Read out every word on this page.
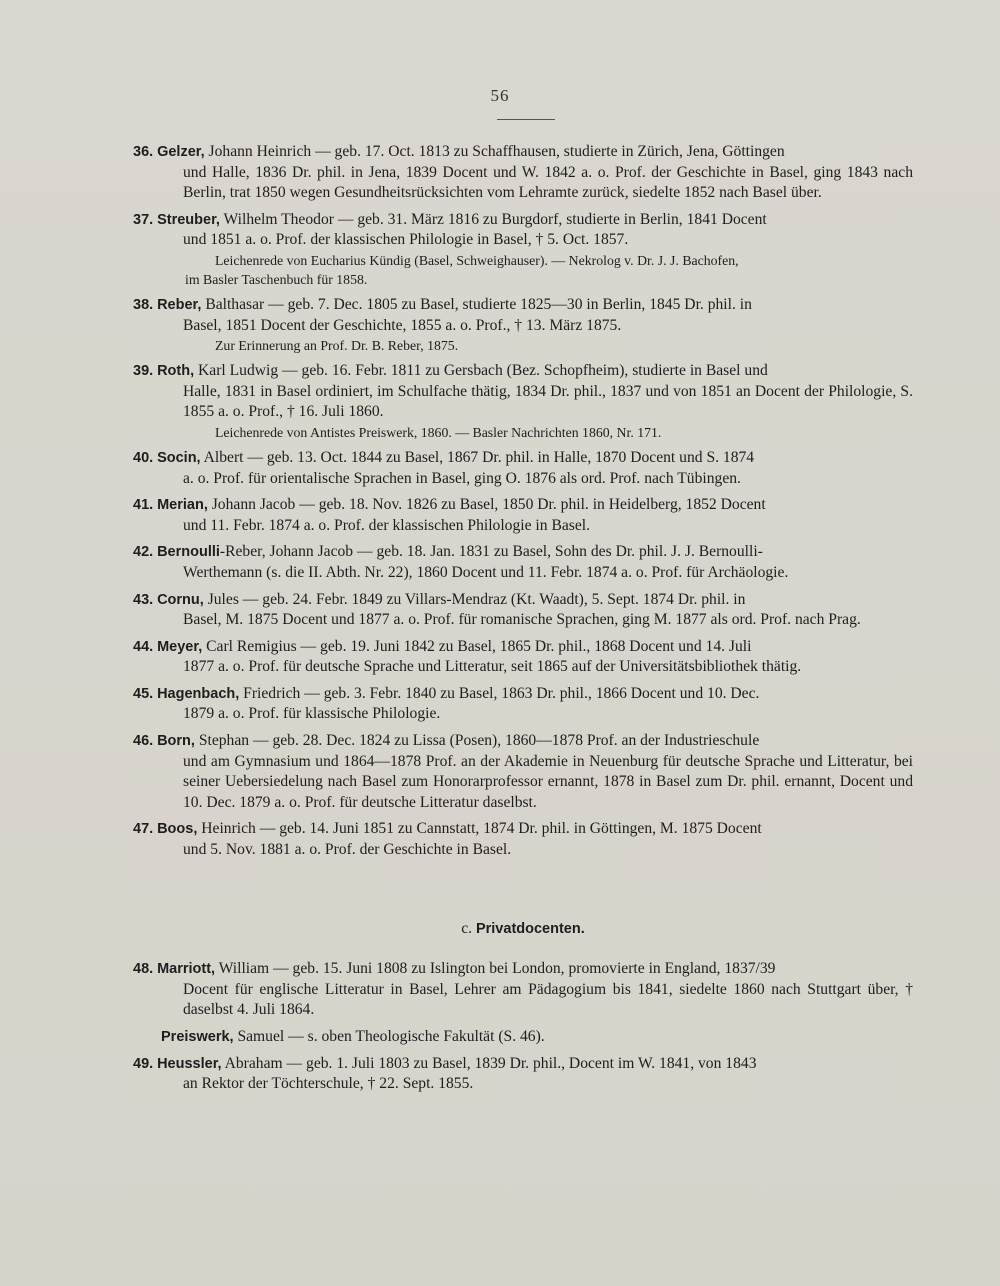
56
36. Gelzer, Johann Heinrich — geb. 17. Oct. 1813 zu Schaffhausen, studierte in Zürich, Jena, Göttingen
und Halle, 1836 Dr. phil. in Jena, 1839 Docent und W. 1842 a. o. Prof. der Geschichte in Basel, ging 1843 nach Berlin, trat 1850 wegen Gesundheitsrücksichten vom Lehramte zurück, siedelte 1852 nach Basel über.
37. Streuber, Wilhelm Theodor — geb. 31. März 1816 zu Burgdorf, studierte in Berlin, 1841 Docent
und 1851 a. o. Prof. der klassischen Philologie in Basel, † 5. Oct. 1857.
Leichenrede von Eucharius Kündig (Basel, Schweighauser). — Nekrolog v. Dr. J. J. Bachofen,
im Basler Taschenbuch für 1858.
38. Reber, Balthasar — geb. 7. Dec. 1805 zu Basel, studierte 1825—30 in Berlin, 1845 Dr. phil. in
Basel, 1851 Docent der Geschichte, 1855 a. o. Prof., † 13. März 1875.
Zur Erinnerung an Prof. Dr. B. Reber, 1875.
39. Roth, Karl Ludwig — geb. 16. Febr. 1811 zu Gersbach (Bez. Schopfheim), studierte in Basel und
Halle, 1831 in Basel ordiniert, im Schulfache thätig, 1834 Dr. phil., 1837 und von 1851 an Docent der Philologie, S. 1855 a. o. Prof., † 16. Juli 1860.
Leichenrede von Antistes Preiswerk, 1860. — Basler Nachrichten 1860, Nr. 171.
40. Socin, Albert — geb. 13. Oct. 1844 zu Basel, 1867 Dr. phil. in Halle, 1870 Docent und S. 1874
a. o. Prof. für orientalische Sprachen in Basel, ging O. 1876 als ord. Prof. nach Tübingen.
41. Merian, Johann Jacob — geb. 18. Nov. 1826 zu Basel, 1850 Dr. phil. in Heidelberg, 1852 Docent
und 11. Febr. 1874 a. o. Prof. der klassischen Philologie in Basel.
42. Bernoulli-Reber, Johann Jacob — geb. 18. Jan. 1831 zu Basel, Sohn des Dr. phil. J. J. Bernoulli-
Werthemann (s. die II. Abth. Nr. 22), 1860 Docent und 11. Febr. 1874 a. o. Prof. für Archäologie.
43. Cornu, Jules — geb. 24. Febr. 1849 zu Villars-Mendraz (Kt. Waadt), 5. Sept. 1874 Dr. phil. in
Basel, M. 1875 Docent und 1877 a. o. Prof. für romanische Sprachen, ging M. 1877 als ord. Prof. nach Prag.
44. Meyer, Carl Remigius — geb. 19. Juni 1842 zu Basel, 1865 Dr. phil., 1868 Docent und 14. Juli
1877 a. o. Prof. für deutsche Sprache und Litteratur, seit 1865 auf der Universitätsbibliothek thätig.
45. Hagenbach, Friedrich — geb. 3. Febr. 1840 zu Basel, 1863 Dr. phil., 1866 Docent und 10. Dec.
1879 a. o. Prof. für klassische Philologie.
46. Born, Stephan — geb. 28. Dec. 1824 zu Lissa (Posen), 1860—1878 Prof. an der Industrieschule
und am Gymnasium und 1864—1878 Prof. an der Akademie in Neuenburg für deutsche Sprache und Litteratur, bei seiner Uebersiedelung nach Basel zum Honorarprofessor ernannt, 1878 in Basel zum Dr. phil. ernannt, Docent und 10. Dec. 1879 a. o. Prof. für deutsche Litteratur daselbst.
47. Boos, Heinrich — geb. 14. Juni 1851 zu Cannstatt, 1874 Dr. phil. in Göttingen, M. 1875 Docent
und 5. Nov. 1881 a. o. Prof. der Geschichte in Basel.
c. Privatdocenten.
48. Marriott, William — geb. 15. Juni 1808 zu Islington bei London, promovierte in England, 1837/39
Docent für englische Litteratur in Basel, Lehrer am Pädagogium bis 1841, siedelte 1860 nach Stuttgart über, † daselbst 4. Juli 1864.
Preiswerk, Samuel — s. oben Theologische Fakultät (S. 46).
49. Heussler, Abraham — geb. 1. Juli 1803 zu Basel, 1839 Dr. phil., Docent im W. 1841, von 1843
an Rektor der Töchterschule, † 22. Sept. 1855.
